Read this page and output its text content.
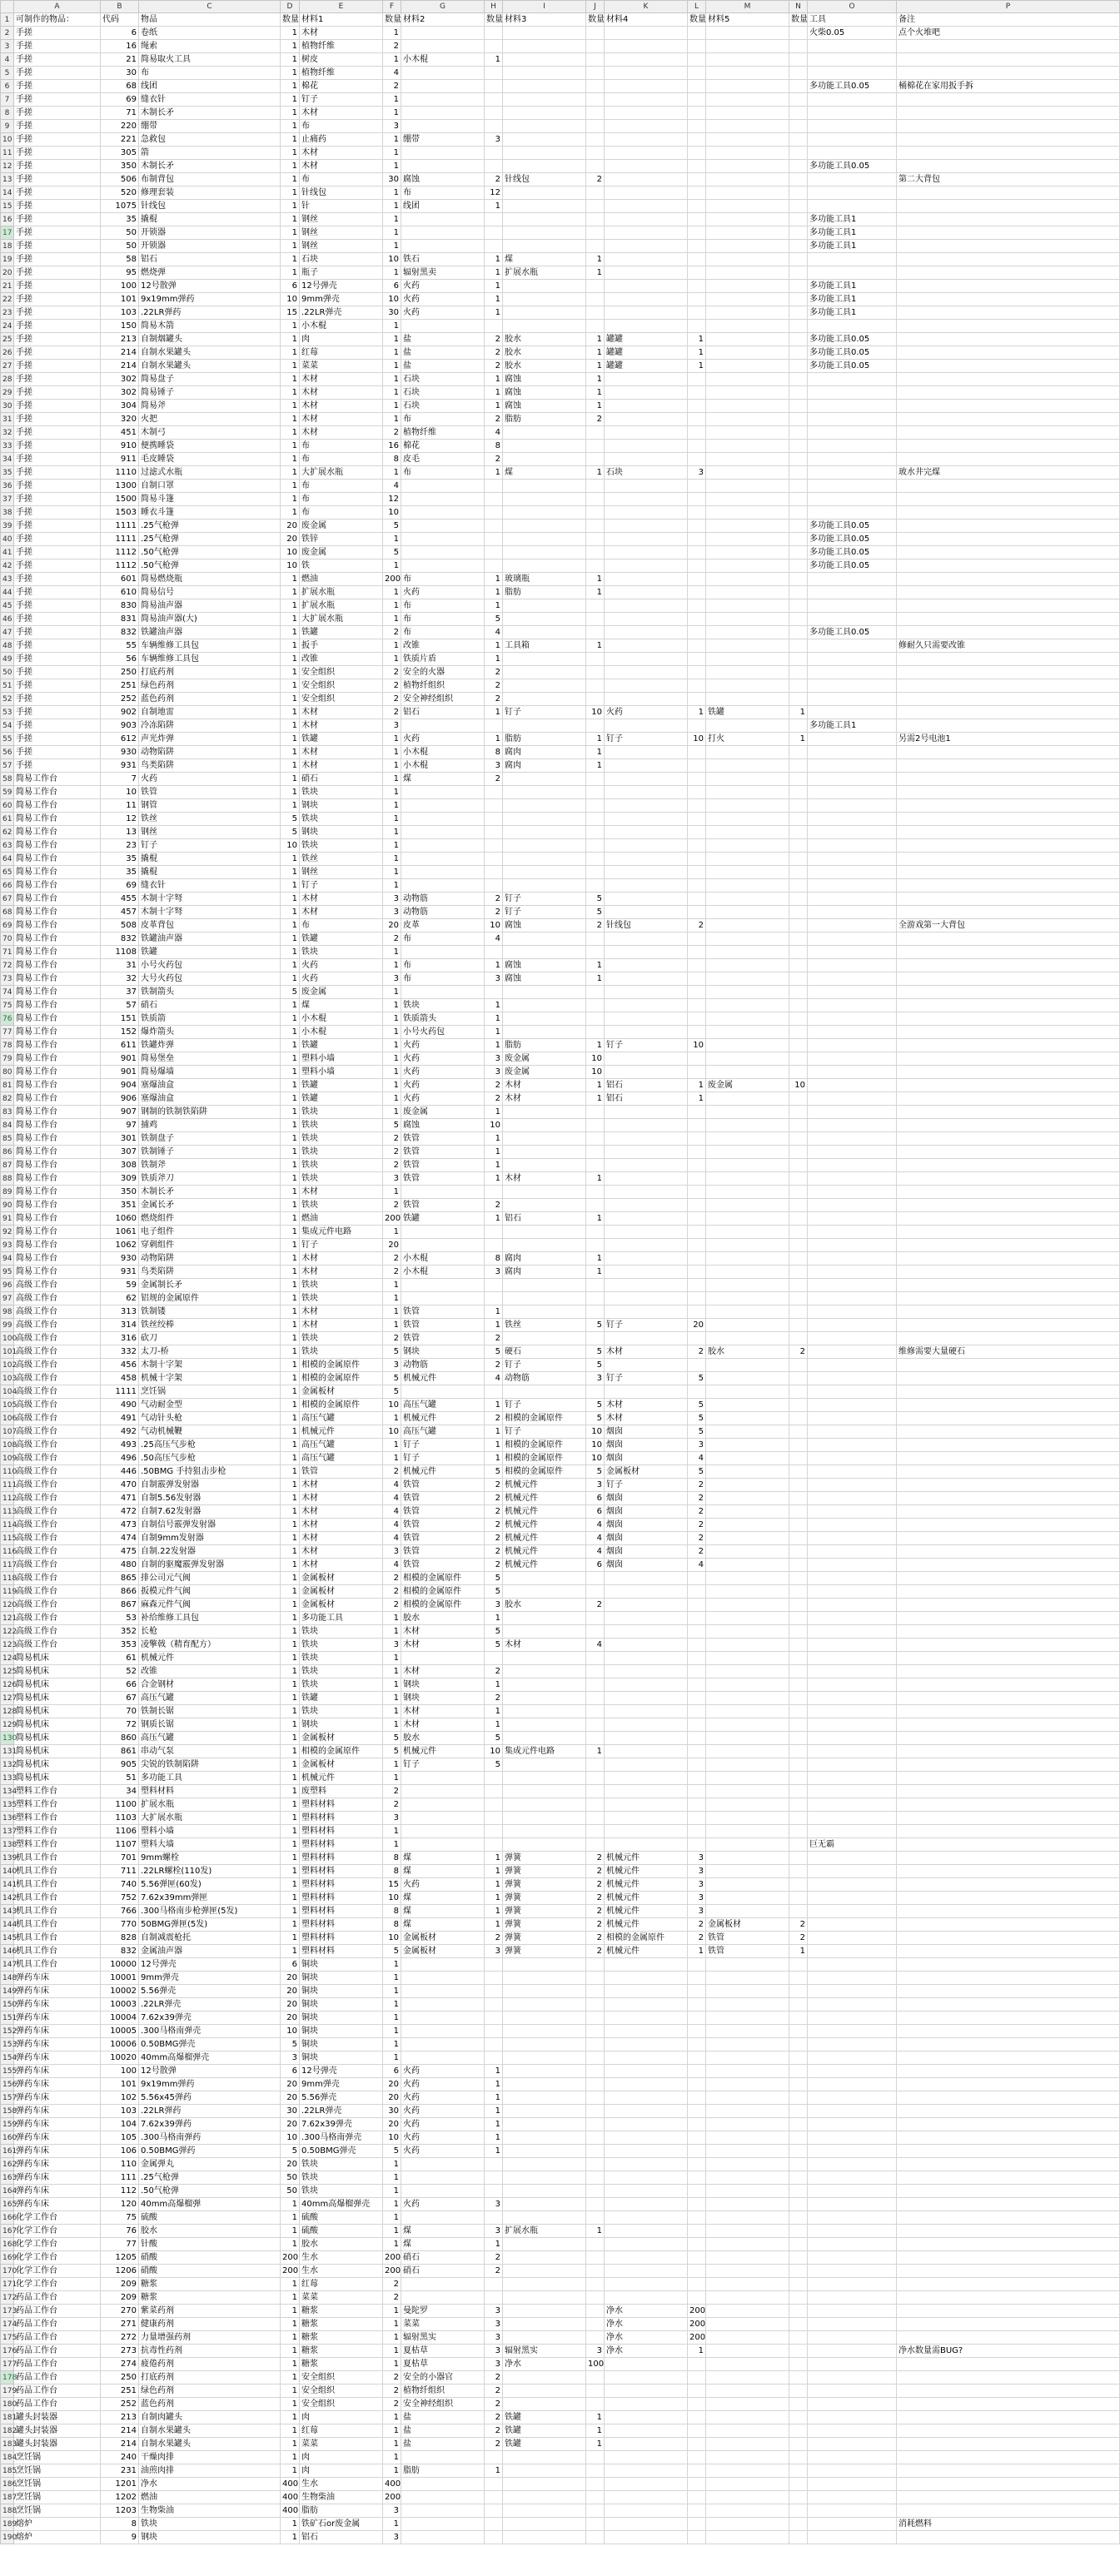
	A	B	C	D	E	F	G	H	I	J	K	L	M	N	O	P
1	可制作的物品：	代码	物品	数量	材料1	数量	材料2	数量	材料3	数量	材料4	数量	材料5	数量	工具	备注
2	手搓	6	卷纸	1	木材	1									火柴0.05	点个火堆吧
3	手搓	16	绳索	1	植物纤维	2										
4	手搓	21	简易取火工具	1	树皮	1	小木棍	1								
5	手搓	30	布	1	植物纤维	4										
6	手搓	68	线团	1	棉花	2									多功能工具0.05	桶棉花在家用扳手拆
7	手搓	69	缝衣针	1	钉子	1										
8	手搓	71	木制长矛	1	木材	1										
9	手搓	220	绷带	1	布	3										
10	手搓	221	急救包	1	止痛药	1	绷带	3								
11	手搓	305	箭	1	木材	1										
12	手搓	350	木制长矛	1	木材	1									多功能工具0.05	
13	手搓	506	布制背包	1	布	30	腐蚀	2	针线包	2						第二大背包
14	手搓	520	修理套装	1	针线包	1	布	12								
15	手搓	1075	针线包	1	针	1	线团	1								
16	手搓	35	撬棍	1	钢丝	1									多功能工具1	
17	手搓	50	开锁器	1	钢丝	1									多功能工具1	
18	手搓	50	开锁器	1	钢丝	1									多功能工具1	
19	手搓	58	铝石	1	石块	10	铁石	1	煤	1						
20	手搓	95	燃烧弹	1	瓶子	1	辐射黑卖	1	扩展水瓶	1						
21	手搓	100	12号散弹	6	12号弹壳	6	火药	1							多功能工具1	
22	手搓	101	9x19mm弹药	10	9mm弹壳	10	火药	1							多功能工具1	
23	手搓	103	.22LR弹药	15	.22LR弹壳	30	火药	1							多功能工具1	
24	手搓	150	简易木箭	1	小木棍	1										
25	手搓	213	自制烟罐头	1	肉	1	盐	2	胶水	1	罐罐	1			多功能工具0.05	
26	手搓	214	自制水果罐头	1	红莓	1	盐	2	胶水	1	罐罐	1			多功能工具0.05	
27	手搓	214	自制水果罐头	1	菜菜	1	盐	2	胶水	1	罐罐	1			多功能工具0.05	
28	手搓	302	简易盘子	1	木材	1	石块	1	腐蚀	1						
29	手搓	302	简易锤子	1	木材	1	石块	1	腐蚀	1						
30	手搓	304	简易斧	1	木材	1	石块	1	腐蚀	1						
31	手搓	320	火把	1	木材	1	布	2	脂肪	2						
32	手搓	451	木制弓	1	木材	2	植物纤维	4								
33	手搓	910	便携睡袋	1	布	16	棉花	8								
34	手搓	911	毛皮睡袋	1	布	8	皮毛	2								
35	手搓	1110	过滤式水瓶	1	大扩展水瓶	1	布	1	煤	1	石块	3				玻水井完煤
36	手搓	1300	自制口罩	1	布	4										
37	手搓	1500	简易斗篷	1	布	12										
38	手搓	1503	睡衣斗篷	1	布	10										
39	手搓	1111	.25气枪弹	20	废金属	5									多功能工具0.05	
40	手搓	1111	.25气枪弹	20	铁锌	1									多功能工具0.05	
41	手搓	1112	.50气枪弹	10	废金属	5									多功能工具0.05	
42	手搓	1112	.50气枪弹	10	铁	1									多功能工具0.05	
43	手搓	601	简易燃烧瓶	1	燃油	200	布	1	玻璃瓶	1						
44	手搓	610	简易信号	1	扩展水瓶	1	火药	1	脂肪	1						
45	手搓	830	简易油声器	1	扩展水瓶	1	布	1								
46	手搓	831	简易油声器(大)	1	大扩展水瓶	1	布	5								
47	手搓	832	铁罐油声器	1	铁罐	2	布	4							多功能工具0.05	
48	手搓	55	车辆维修工具包	1	扳手	1	改锥	1	工具箱	1						修耐久只需要改锥
49	手搓	56	车辆维修工具包	1	改锥	1	铁质片盾	1								
50	手搓	250	打底药剂	1	安全组织	2	安全的火器	2								
51	手搓	251	绿色药剂	1	安全组织	2	植物纤组织	2								
52	手搓	252	蓝色药剂	1	安全组织	2	安全神经组织	2								
53	手搓	902	自制地雷	1	木材	2	铝石	1	钉子	10	火药	1	铁罐	1		
54	手搓	903	冷冻陷阱	1	木材	3									多功能工具1	
55	手搓	612	声光炸弹	1	铁罐	1	火药	1	脂肪	1	钉子	10	打火	1		另需2号电池1
56	手搓	930	动物陷阱	1	木材	1	小木棍	8	腐肉	1						
57	手搓	931	鸟类陷阱	1	木材	1	小木棍	3	腐肉	1						
58	简易工作台	7	火药	1	硝石	1	煤	2								
59	简易工作台	10	铁管	1	铁块	1										
60	简易工作台	11	钢管	1	钢块	1										
61	简易工作台	12	铁丝	5	铁块	1										
62	简易工作台	13	钢丝	5	钢块	1										
63	简易工作台	23	钉子	10	铁块	1										
64	简易工作台	35	撬棍	1	铁丝	1										
65	简易工作台	35	撬棍	1	钢丝	1										
66	简易工作台	69	缝衣针	1	钉子	1										
67	简易工作台	455	木制十字弩	1	木材	3	动物筋	2	钉子	5						
68	简易工作台	457	木制十字弩	1	木材	3	动物筋	2	钉子	5						
69	简易工作台	508	皮革背包	1	布	20	皮革	10	腐蚀	2	针线包	2				全游戏第一大背包
70	简易工作台	832	铁罐油声器	1	铁罐	2	布	4								
71	简易工作台	1108	铁罐	1	铁块	1										
72	简易工作台	31	小号火药包	1	火药	1	布	1	腐蚀	1						
73	简易工作台	32	大号火药包	1	火药	3	布	3	腐蚀	1						
74	简易工作台	37	铁制箭头	5	废金属	1										
75	简易工作台	57	硝石	1	煤	1	铁块	1								
76	简易工作台	151	铁质箭	1	小木棍	1	铁质箭头	1								
77	简易工作台	152	爆炸箭头	1	小木棍	1	小号火药包	1								
78	简易工作台	611	铁罐炸弹	1	铁罐	1	火药	1	脂肪	1	钉子	10				
79	简易工作台	901	简易堡垒	1	塑料小墙	1	火药	3	废金属	10						
80	简易工作台	901	简易爆墙	1	塑料小墙	1	火药	3	废金属	10						
81	简易工作台	904	塞爆油盒	1	铁罐	1	火药	2	木材	1	铝石	1	废金属	10		
82	简易工作台	906	塞爆油盒	1	铁罐	1	火药	2	木材	1	铝石	1				
83	简易工作台	907	钢制的铁制铁陷阱	1	铁块	1	废金属	1								
84	简易工作台	97	捕鸡	1	铁块	5	腐蚀	10								
85	简易工作台	301	铁制盘子	1	铁块	2	铁管	1								
86	简易工作台	307	铁制锤子	1	铁块	2	铁管	1								
87	简易工作台	308	铁制斧	1	铁块	2	铁管	1								
88	简易工作台	309	铁质斧刀	1	铁块	3	铁管	1	木材	1						
89	简易工作台	350	木制长矛	1	木材	1										
90	简易工作台	351	金属长矛	1	铁块	2	铁管	2								
91	简易工作台	1060	燃烧组件	1	燃油	200	铁罐	1	铝石	1						
92	简易工作台	1061	电子组件	1	集成元件电路	1										
93	简易工作台	1062	穿刺组件	1	钉子	20										
94	简易工作台	930	动物陷阱	1	木材	2	小木棍	8	腐肉	1						
95	简易工作台	931	鸟类陷阱	1	木材	2	小木棍	3	腐肉	1						
96	高级工作台	59	金属制长矛	1	铁块	1										
97	高级工作台	62	铝规的金属原件	1	铁块	1										
98	高级工作台	313	铁制镂	1	木材	1	铁管	1								
99	高级工作台	314	铁丝绞棒	1	木材	1	铁管	1	铁丝	5	钉子	20				
100	高级工作台	316	砍刀	1	铁块	2	铁管	2								
101	高级工作台	332	太刀-桥	1	铁块	5	钢块	5	硬石	5	木材	2	胶水	2		维修需要大量硬石
102	高级工作台	456	木制十字架	1	相模的金属原件	3	动物筋	2	钉子	5						
103	高级工作台	458	机械十字架	1	相模的金属原件	5	机械元件	4	动物筋	3	钉子	5				
104	高级工作台	1111	烹饪锅	1	金属板材	5										
105	高级工作台	490	气动耐金型	1	相模的金属原件	10	高压气罐	1	钉子	5	木材	5				
106	高级工作台	491	气动针头枪	1	高压气罐	1	机械元件	2	相模的金属原件	5	木材	5				
107	高级工作台	492	气动机械鞭	1	机械元件	10	高压气罐	1	钉子	10	烟囱	5				
108	高级工作台	493	.25高压气步枪	1	高压气罐	1	钉子	1	相模的金属原件	10	烟囱	3				
109	高级工作台	496	.50高压气步枪	1	高压气罐	1	钉子	1	相模的金属原件	10	烟囱	4				
110	高级工作台	446	.50BMG 手持狙击步枪	1	铁管	2	机械元件	5	相模的金属原件	5	金属板材	5				
111	高级工作台	470	自制霰弹发射器	1	木材	4	铁管	2	机械元件	3	钉子	2				
112	高级工作台	471	自制5.56发射器	1	木材	4	铁管	2	机械元件	6	烟囱	2				
113	高级工作台	472	自制7.62发射器	1	木材	4	铁管	2	机械元件	6	烟囱	2				
114	高级工作台	473	自制信号霰弹发射器	1	木材	4	铁管	2	机械元件	4	烟囱	2				
115	高级工作台	474	自制9mm发射器	1	木材	4	铁管	2	机械元件	4	烟囱	2				
116	高级工作台	475	自制.22发射器	1	木材	3	铁管	2	机械元件	4	烟囱	2				
117	高级工作台	480	自制的驱魔霰弹发射器	1	木材	4	铁管	2	机械元件	6	烟囱	4				
118	高级工作台	865	排公司元气阀	1	金属板材	2	相模的金属原件	5								
119	高级工作台	866	扳模元件气阀	1	金属板材	2	相模的金属原件	5								
120	高级工作台	867	麻森元件气阀	1	金属板材	2	相模的金属原件	3	胶水	2						
121	高级工作台	53	补给维修工具包	1	多功能工具	1	胶水	1								
122	高级工作台	352	长枪	1	铁块	1	木材	5								
123	高级工作台	353	凌擎戟（精育配方）	1	铁块	3	木材	5	木材	4						
124	简易机床	61	机械元件	1	铁块	1										
125	简易机床	52	改锥	1	铁块	1	木材	2								
126	简易机床	66	合金钢材	1	铁块	1	钢块	1								
127	简易机床	67	高压气罐	1	铁罐	1	钢块	2								
128	简易机床	70	铁制长锯	1	铁块	1	木材	1								
129	简易机床	72	钢质长锯	1	钢块	1	木材	1								
130	简易机床	860	高压气罐	1	金属板材	5	胶水	5								
131	简易机床	861	串动气泵	1	相模的金属原件	5	机械元件	10	集成元件电路	1						
132	简易机床	905	尖锐的铁制陷阱	1	金属板材	1	钉子	5								
133	简易机床	51	多功能工具	1	机械元件	1										
134	塑料工作台	34	塑料材料	1	废塑料	2										
135	塑料工作台	1100	扩展水瓶	1	塑料材料	2										
136	塑料工作台	1103	大扩展水瓶	1	塑料材料	3										
137	塑料工作台	1106	塑料小墙	1	塑料材料	1										
138	塑料工作台	1107	塑料大墙	1	塑料材料	1									巨无霸	
139	机具工作台	701	9mm螺栓	1	塑料材料	8	煤	1	弹簧	2	机械元件	3				
140	机具工作台	711	.22LR螺栓(110发)	1	塑料材料	8	煤	1	弹簧	2	机械元件	3				
141	机具工作台	740	5.56弹匣(60发)	1	塑料材料	15	火药	1	弹簧	2	机械元件	3				
142	机具工作台	752	7.62x39mm弹匣	1	塑料材料	10	煤	1	弹簧	2	机械元件	3				
143	机具工作台	766	.300马格南步枪弹匣(5发)	1	塑料材料	8	煤	1	弹簧	2	机械元件	3				
144	机具工作台	770	50BMG弹匣(5发)	1	塑料材料	8	煤	1	弹簧	2	机械元件	2	金属板材	2		
145	机具工作台	828	自制减震枪托	1	塑料材料	10	金属板材	2	弹簧	2	相模的金属原件	2	铁管	2		
146	机具工作台	832	金属油声器	1	塑料材料	5	金属板材	3	弹簧	2	机械元件	1	铁管	1		
147	机具工作台	10000	12号弹壳	6	铜块	1										
148	弹药车床	10001	9mm弹壳	20	铜块	1										
149	弹药车床	10002	5.56弹壳	20	铜块	1										
150	弹药车床	10003	.22LR弹壳	20	铜块	1										
151	弹药车床	10004	7.62x39弹壳	20	铜块	1										
152	弹药车床	10005	.300马格南弹壳	10	铜块	1										
153	弹药车床	10006	0.50BMG弹壳	5	铜块	1										
154	弹药车床	10020	40mm高爆榴弹壳	3	铜块	1										
155	弹药车床	100	12号散弹	6	12号弹壳	6	火药	1								
156	弹药车床	101	9x19mm弹药	20	9mm弹壳	20	火药	1								
157	弹药车床	102	5.56x45弹药	20	5.56弹壳	20	火药	1								
158	弹药车床	103	.22LR弹药	30	.22LR弹壳	30	火药	1								
159	弹药车床	104	7.62x39弹药	20	7.62x39弹壳	20	火药	1								
160	弹药车床	105	.300马格南弹药	10	.300马格南弹壳	10	火药	1								
161	弹药车床	106	0.50BMG弹药	5	0.50BMG弹壳	5	火药	1								
162	弹药车床	110	金属弹丸	20	铁块	1										
163	弹药车床	111	.25气枪弹	50	铁块	1										
164	弹药车床	112	.50气枪弹	50	铁块	1										
165	弹药车床	120	40mm高爆榴弹	1	40mm高爆榴弹壳	1	火药	3								
166	化学工作台	75	硫酸	1	硫酸	1										
167	化学工作台	76	胶水	1	硫酸	1	煤	3	扩展水瓶	1						
168	化学工作台	77	针酸	1	胶水	1	煤	1								
169	化学工作台	1205	硝酸	200	生水	200	硝石	2								
170	化学工作台	1206	硝酸	200	生水	200	硝石	2								
171	化学工作台	209	糖浆	1	红莓	2										
172	药品工作台	209	糖浆	1	菜菜	2										
173	药品工作台	270	紫菜药剂	1	糖浆	1	曼陀罗	3			净水	200				
174	药品工作台	271	健康药剂	1	糖浆	1	菜菜	3			净水	200				
175	药品工作台	272	力量增强药剂	1	糖浆	1	辐射黑实	3			净水	200				
176	药品工作台	273	抗毒性药剂	1	糖浆	1	夏枯草	3	辐射黑实	3	净水	1				净水数量需BUG?
177	药品工作台	274	疲倦药剂	1	糖浆	1	夏枯草	3	净水	100						
178	药品工作台	250	打底药剂	1	安全组织	2	安全的小器官	2								
179	药品工作台	251	绿色药剂	1	安全组织	2	植物纤组织	2								
180	药品工作台	252	蓝色药剂	1	安全组织	2	安全神经组织	2								
181	罐头封装器	213	自制肉罐头	1	肉	1	盐	2	铁罐	1						
182	罐头封装器	214	自制水果罐头	1	红莓	1	盐	2	铁罐	1						
183	罐头封装器	214	自制水果罐头	1	菜菜	1	盐	2	铁罐	1						
184	烹饪锅	240	干燥肉排	1	肉	1										
185	烹饪锅	231	油煎肉排	1	肉	1	脂肪	1								
186	烹饪锅	1201	净水	400	生水	400										
187	烹饪锅	1202	燃油	400	生物柴油	200										
188	烹饪锅	1203	生物柴油	400	脂肪	3										
189	熔炉	8	铁块	1	铁矿石or废金属	1										消耗燃料
190	熔炉	9	钢块	1	铝石	3										
